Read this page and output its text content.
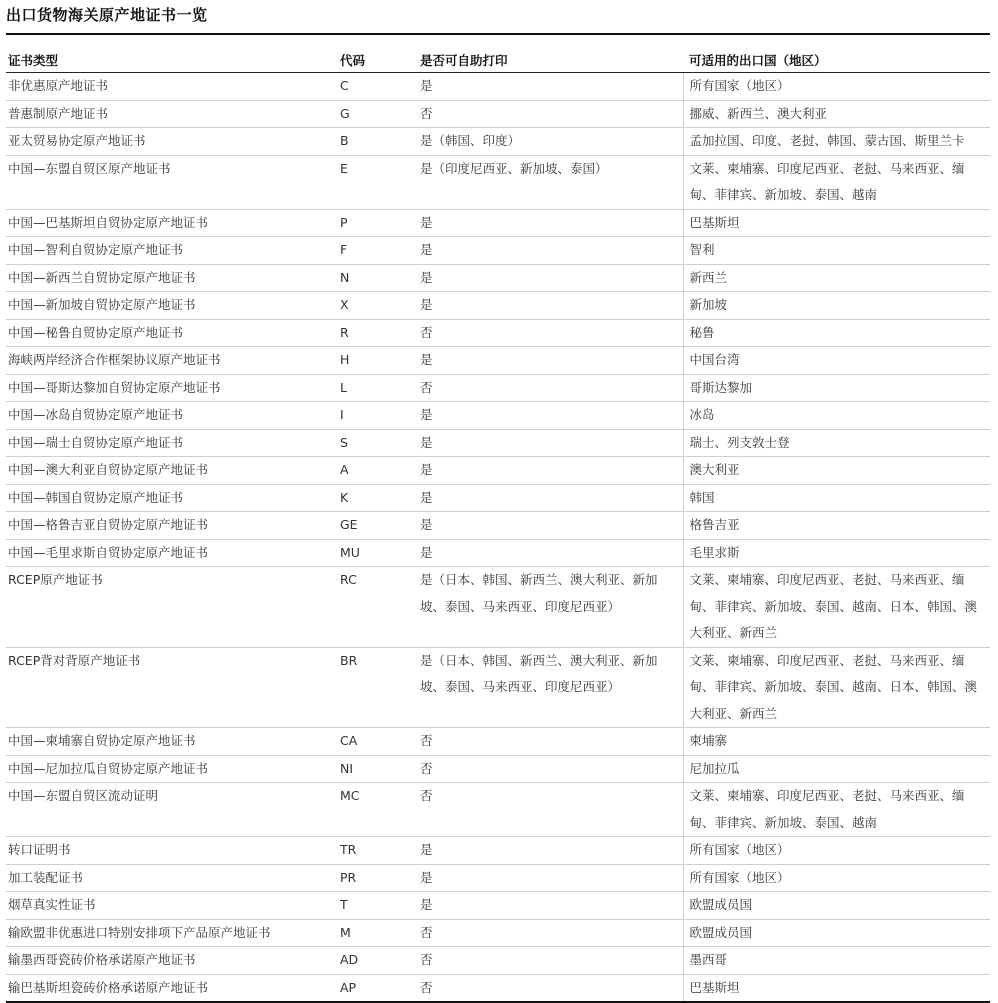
出口货物海关原产地证书一览
证书类型	代码	是否可自助打印	可适用的出口国（地区）
非优惠原产地证书	C	是	所有国家（地区）
普惠制原产地证书	G	否	挪威、新西兰、澳大利亚
亚太贸易协定原产地证书	B	是（韩国、印度）	孟加拉国、印度、老挝、韩国、蒙古国、斯里兰卡
中国—东盟自贸区原产地证书	E	是（印度尼西亚、新加坡、泰国）	文莱、柬埔寨、印度尼西亚、老挝、马来西亚、缅甸、菲律宾、新加坡、泰国、越南
中国—巴基斯坦自贸协定原产地证书	P	是	巴基斯坦
中国—智利自贸协定原产地证书	F	是	智利
中国—新西兰自贸协定原产地证书	N	是	新西兰
中国—新加坡自贸协定原产地证书	X	是	新加坡
中国—秘鲁自贸协定原产地证书	R	否	秘鲁
海峡两岸经济合作框架协议原产地证书	H	是	中国台湾
中国—哥斯达黎加自贸协定原产地证书	L	否	哥斯达黎加
中国—冰岛自贸协定原产地证书	I	是	冰岛
中国—瑞士自贸协定原产地证书	S	是	瑞士、列支敦士登
中国—澳大利亚自贸协定原产地证书	A	是	澳大利亚
中国—韩国自贸协定原产地证书	K	是	韩国
中国—格鲁吉亚自贸协定原产地证书	GE	是	格鲁吉亚
中国—毛里求斯自贸协定原产地证书	MU	是	毛里求斯
RCEP原产地证书	RC	是（日本、韩国、新西兰、澳大利亚、新加坡、泰国、马来西亚、印度尼西亚）	文莱、柬埔寨、印度尼西亚、老挝、马来西亚、缅甸、菲律宾、新加坡、泰国、越南、日本、韩国、澳大利亚、新西兰
RCEP背对背原产地证书	BR	是（日本、韩国、新西兰、澳大利亚、新加坡、泰国、马来西亚、印度尼西亚）	文莱、柬埔寨、印度尼西亚、老挝、马来西亚、缅甸、菲律宾、新加坡、泰国、越南、日本、韩国、澳大利亚、新西兰
中国—柬埔寨自贸协定原产地证书	CA	否	柬埔寨
中国—尼加拉瓜自贸协定原产地证书	NI	否	尼加拉瓜
中国—东盟自贸区流动证明	MC	否	文莱、柬埔寨、印度尼西亚、老挝、马来西亚、缅甸、菲律宾、新加坡、泰国、越南
转口证明书	TR	是	所有国家（地区）
加工装配证书	PR	是	所有国家（地区）
烟草真实性证书	T	是	欧盟成员国
输欧盟非优惠进口特别安排项下产品原产地证书	M	否	欧盟成员国
输墨西哥瓷砖价格承诺原产地证书	AD	否	墨西哥
输巴基斯坦瓷砖价格承诺原产地证书	AP	否	巴基斯坦
